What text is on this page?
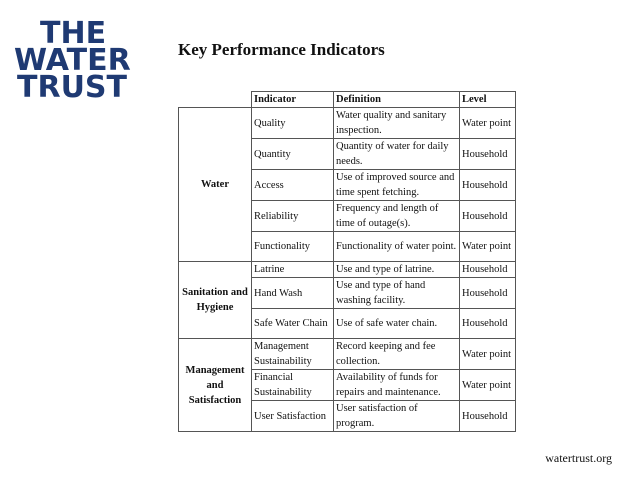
THE
WATER
TRUST
Key Performance Indicators
	Indicator	Definition	Level
Water	Quality	Water quality and sanitary inspection.	Water point
	Quantity	Quantity of water for daily needs.	Household
	Access	Use of improved source and time spent fetching.	Household
	Reliability	Frequency and length of time of outage(s).	Household
	Functionality	Functionality of water point.	Water point
Sanitation and Hygiene	Latrine	Use and type of latrine.	Household
	Hand Wash	Use and type of hand washing facility.	Household
	Safe Water Chain	Use of safe water chain.	Household
Management and Satisfaction	Management Sustainability	Record keeping and fee collection.	Water point
	Financial Sustainability	Availability of funds for repairs and maintenance.	Water point
	User Satisfaction	User satisfaction of program.	Household
watertrust.org
